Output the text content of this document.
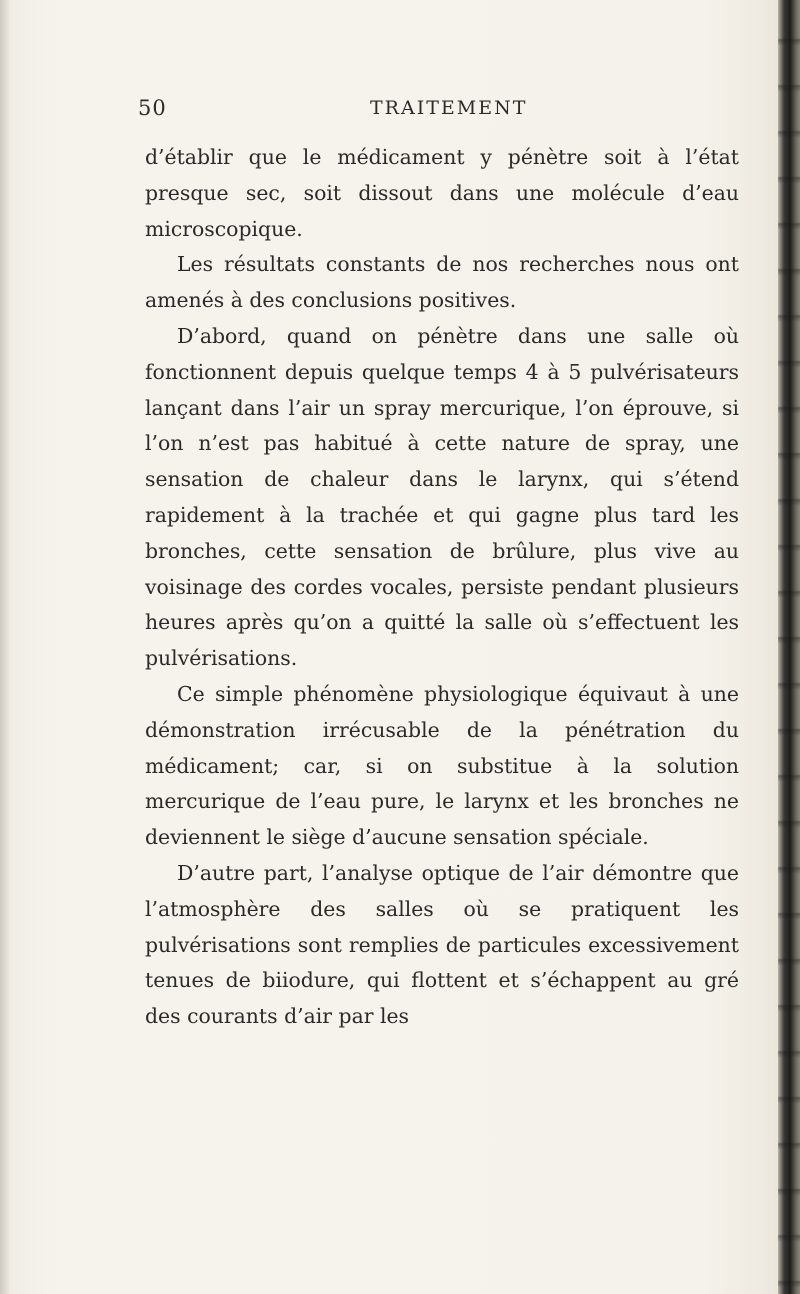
50	TRAITEMENT

d’établir que le médicament y pénètre soit à l’état presque sec, soit dissout dans une molécule d’eau microscopique.

Les résultats constants de nos recherches nous ont amenés à des conclusions positives.

D’abord, quand on pénètre dans une salle où fonctionnent depuis quelque temps 4 à 5 pulvérisateurs lançant dans l’air un spray mercurique, l’on éprouve, si l’on n’est pas habitué à cette nature de spray, une sensation de chaleur dans le larynx, qui s’étend rapidement à la trachée et qui gagne plus tard les bronches, cette sensation de brûlure, plus vive au voisinage des cordes vocales, persiste pendant plusieurs heures après qu’on a quitté la salle où s’effectuent les pulvérisations.

Ce simple phénomène physiologique équivaut à une démonstration irrécusable de la pénétration du médicament; car, si on substitue à la solution mercurique de l’eau pure, le larynx et les bronches ne deviennent le siège d’aucune sensation spéciale.

D’autre part, l’analyse optique de l’air démontre que l’atmosphère des salles où se pratiquent les pulvérisations sont remplies de particules excessivement tenues de biiodure, qui flottent et s’échappent au gré des courants d’air par les
